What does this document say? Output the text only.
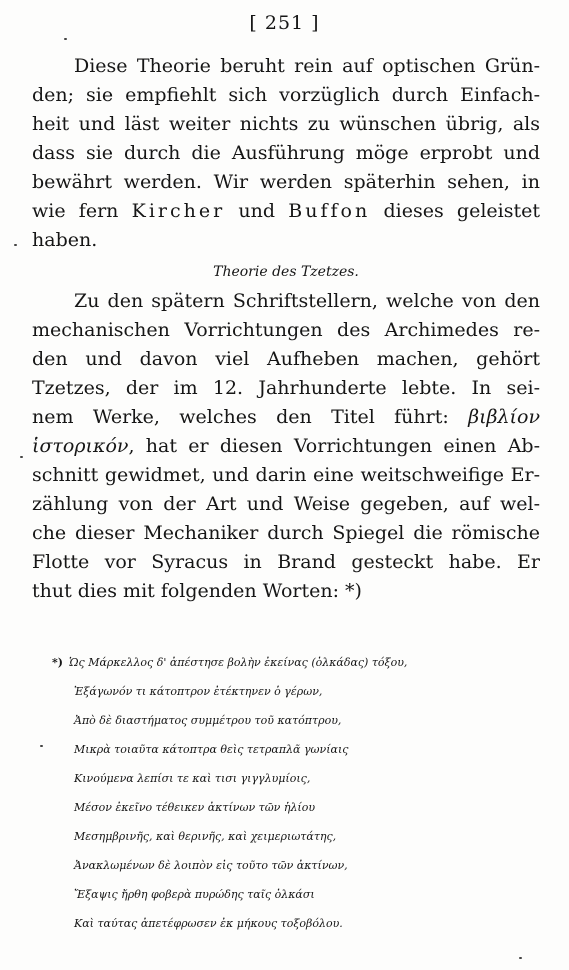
[ 251 ]
Diese Theorie beruht rein auf optischen Grün-
den; sie empfiehlt sich vorzüglich durch Einfach-
heit und läst weiter nichts zu wünschen übrig, als
dass sie durch die Ausführung möge erprobt und
bewährt werden. Wir werden späterhin sehen, in
wie fern Kircher und Buffon dieses geleistet
haben.
Theorie des Tzetzes.
Zu den spätern Schriftstellern, welche von den
mechanischen Vorrichtungen des Archimedes re-
den und davon viel Aufheben machen, gehört
Tzetzes, der im 12. Jahrhunderte lebte. In sei-
nem Werke, welches den Titel führt: βιβλίον
ἱστορικόν, hat er diesen Vorrichtungen einen Ab-
schnitt gewidmet, und darin eine weitschweifige Er-
zählung von der Art und Weise gegeben, auf wel-
che dieser Mechaniker durch Spiegel die römische
Flotte vor Syracus in Brand gesteckt habe. Er
thut dies mit folgenden Worten: *)
*) Ὡς Μάρκελλος δ' ἀπέστησε βολὴν ἐκείνας (ὁλκάδας) τόξου,
Ἑξάγωνόν τι κάτοπτρον ἐτέκτηνεν ὁ γέρων,
Ἀπὸ δὲ διαστήματος συμμέτρου τοῦ κατόπτρου,
Μικρὰ τοιαῦτα κάτοπτρα θεὶς τετραπλᾶ γωνίαις
Κινούμενα λεπίσι τε καὶ τισι γιγγλυμίοις,
Μέσον ἐκεῖνο τέθεικεν ἀκτίνων τῶν ἡλίου
Μεσημβρινῆς, καὶ θερινῆς, καὶ χειμεριωτάτης,
Ἀνακλωμένων δὲ λοιπὸν εἰς τοῦτο τῶν ἀκτίνων,
Ἔξαψις ἤρθη φοβερὰ πυρώδης ταῖς ὁλκάσι
Καὶ ταύτας ἀπετέφρωσεν ἐκ μήκους τοξοβόλου.
